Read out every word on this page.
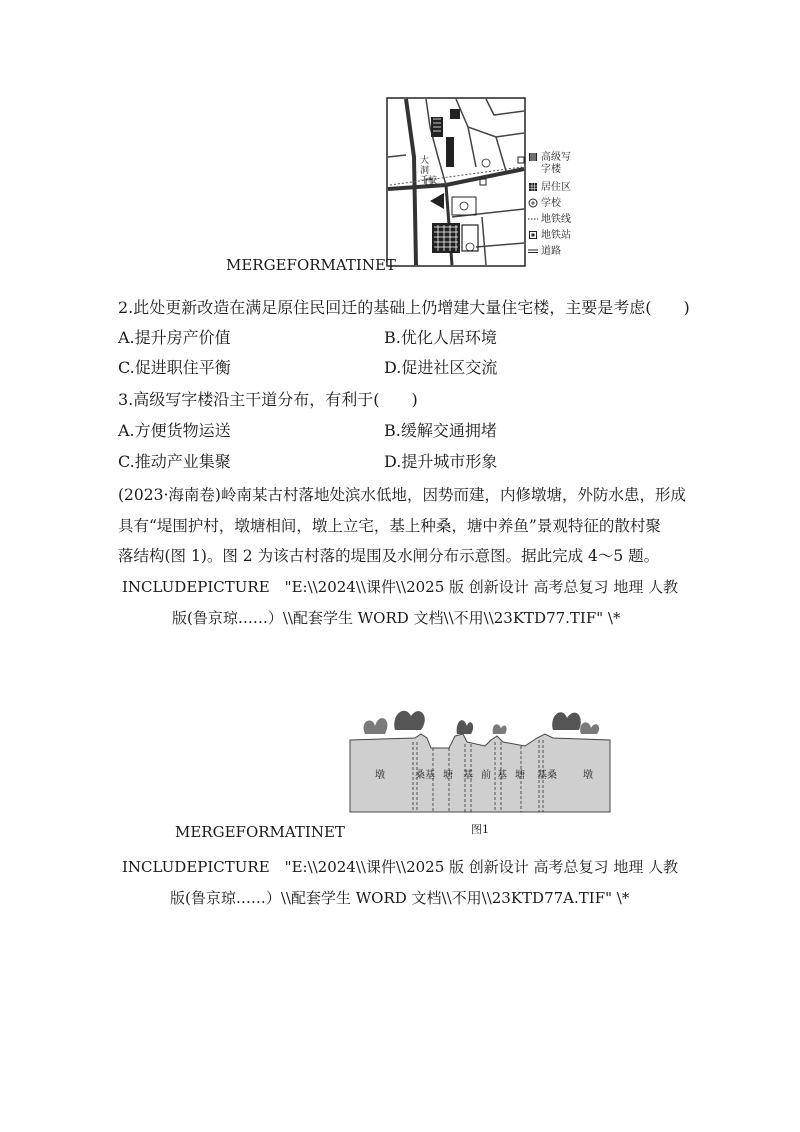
大
洞
千
校
高级写字楼
居住区
学校
地铁线
地铁站
道路
MERGEFORMATINET
2.此处更新改造在满足原住民回迁的基础上仍增建大量住宅楼，主要是考虑(　　)
A.提升房产价值	B.优化人居环境
C.促进职住平衡	D.促进社区交流
3.高级写字楼沿主干道分布，有利于(　　)
A.方便货物运送	B.缓解交通拥堵
C.推动产业集聚	D.提升城市形象
(2023·海南卷)岭南某古村落地处滨水低地，因势而建，内修墩塘，外防水患，形成
具有“堤围护村，墩塘相间，墩上立宅，基上种桑，塘中养鱼”景观特征的散村聚
落结构(图 1)。图 2 为该古村落的堤围及水闸分布示意图。据此完成 4～5 题。
INCLUDEPICTURE　"E:\\2024\\课件\\2025 版 创新设计 高考总复习 地理 人教
版(鲁京琼……）\\配套学生 WORD 文档\\不用\\23KTD77.TIF" \*
墩	桑基 塘 基 前 基 塘 基桑	墩
图1
MERGEFORMATINET
INCLUDEPICTURE　"E:\\2024\\课件\\2025 版 创新设计 高考总复习 地理 人教
版(鲁京琼……）\\配套学生 WORD 文档\\不用\\23KTD77A.TIF" \*
